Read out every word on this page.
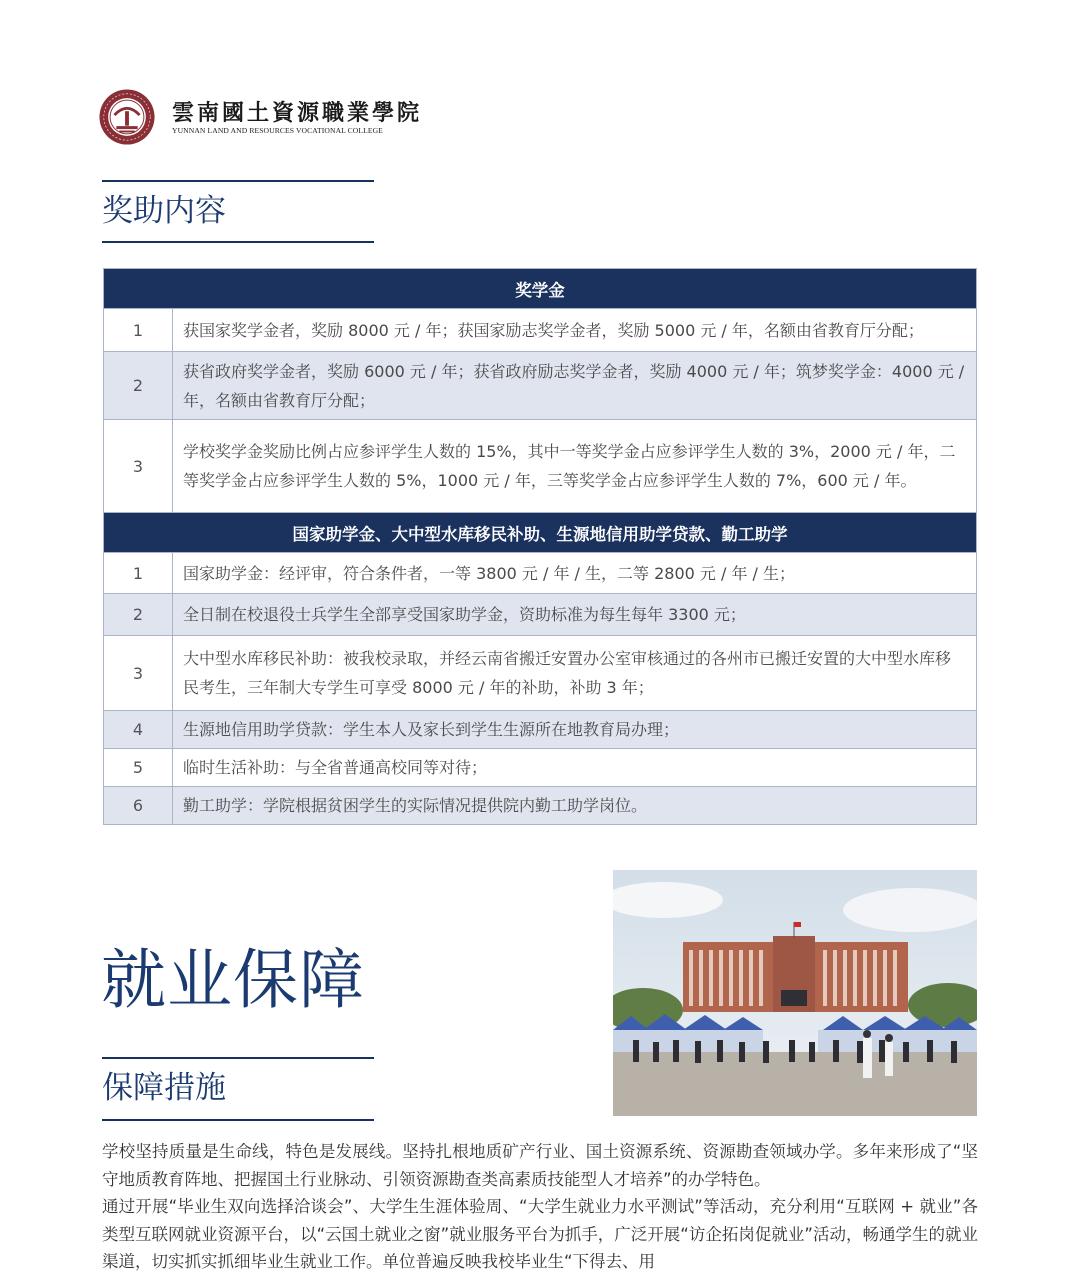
雲南國土資源職業學院
YUNNAN LAND AND RESOURCES VOCATIONAL COLLEGE
奖助内容
奖学金	
1	获国家奖学金者，奖励 8000 元 / 年；获国家励志奖学金者，奖励 5000 元 / 年，名额由省教育厅分配；
2	获省政府奖学金者，奖励 6000 元 / 年；获省政府励志奖学金者，奖励 4000 元 / 年；筑梦奖学金：4000 元 / 年，名额由省教育厅分配；
3	学校奖学金奖励比例占应参评学生人数的 15%，其中一等奖学金占应参评学生人数的 3%，2000 元 / 年，二等奖学金占应参评学生人数的 5%，1000 元 / 年，三等奖学金占应参评学生人数的 7%，600 元 / 年。
国家助学金、大中型水库移民补助、生源地信用助学贷款、勤工助学	
1	国家助学金：经评审，符合条件者，一等 3800 元 / 年 / 生，二等 2800 元 / 年 / 生；
2	全日制在校退役士兵学生全部享受国家助学金，资助标准为每生每年 3300 元；
3	大中型水库移民补助：被我校录取，并经云南省搬迁安置办公室审核通过的各州市已搬迁安置的大中型水库移民考生，三年制大专学生可享受 8000 元 / 年的补助，补助 3 年；
4	生源地信用助学贷款：学生本人及家长到学生生源所在地教育局办理；
5	临时生活补助：与全省普通高校同等对待；
6	勤工助学：学院根据贫困学生的实际情况提供院内勤工助学岗位。
就业保障
保障措施

学校坚持质量是生命线，特色是发展线。坚持扎根地质矿产行业、国土资源系统、资源勘查领域办学。多年来形成了“坚守地质教育阵地、把握国土行业脉动、引领资源勘查类高素质技能型人才培养”的办学特色。

通过开展“毕业生双向选择洽谈会”、大学生生涯体验周、“大学生就业力水平测试”等活动，充分利用“互联网 + 就业”各类型互联网就业资源平台，以“云国土就业之窗”就业服务平台为抓手，广泛开展“访企拓岗促就业”活动，畅通学生的就业渠道，切实抓实抓细毕业生就业工作。单位普遍反映我校毕业生“下得去、用
